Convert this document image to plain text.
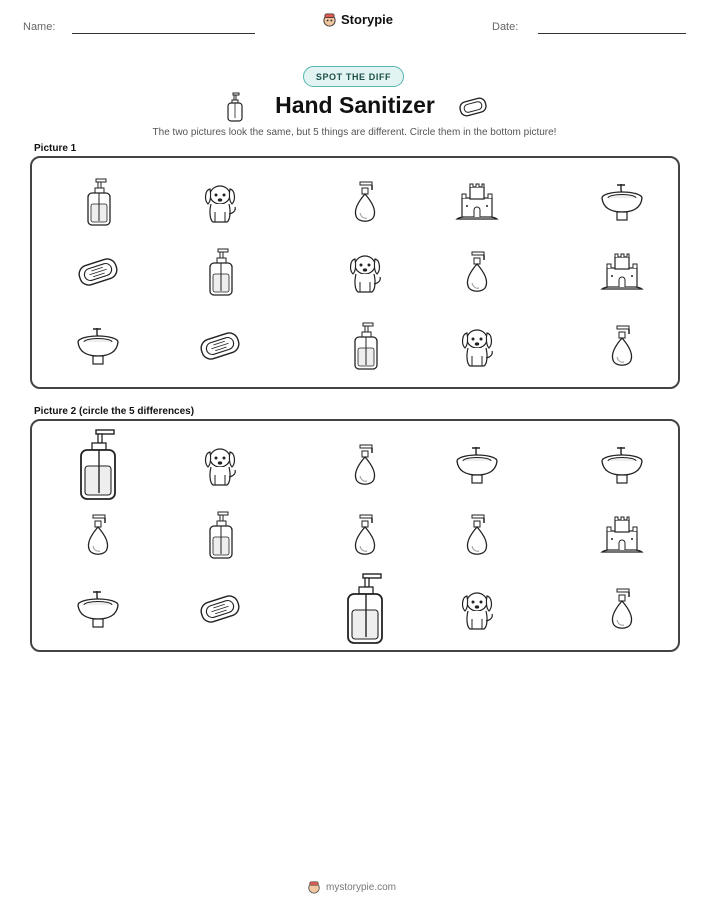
Name:	Storypie	Date:
SPOT THE DIFF
Hand Sanitizer
The two pictures look the same, but 5 things are different. Circle them in the bottom picture!
Picture 1
Picture 2 (circle the 5 differences)
mystorypie.com
